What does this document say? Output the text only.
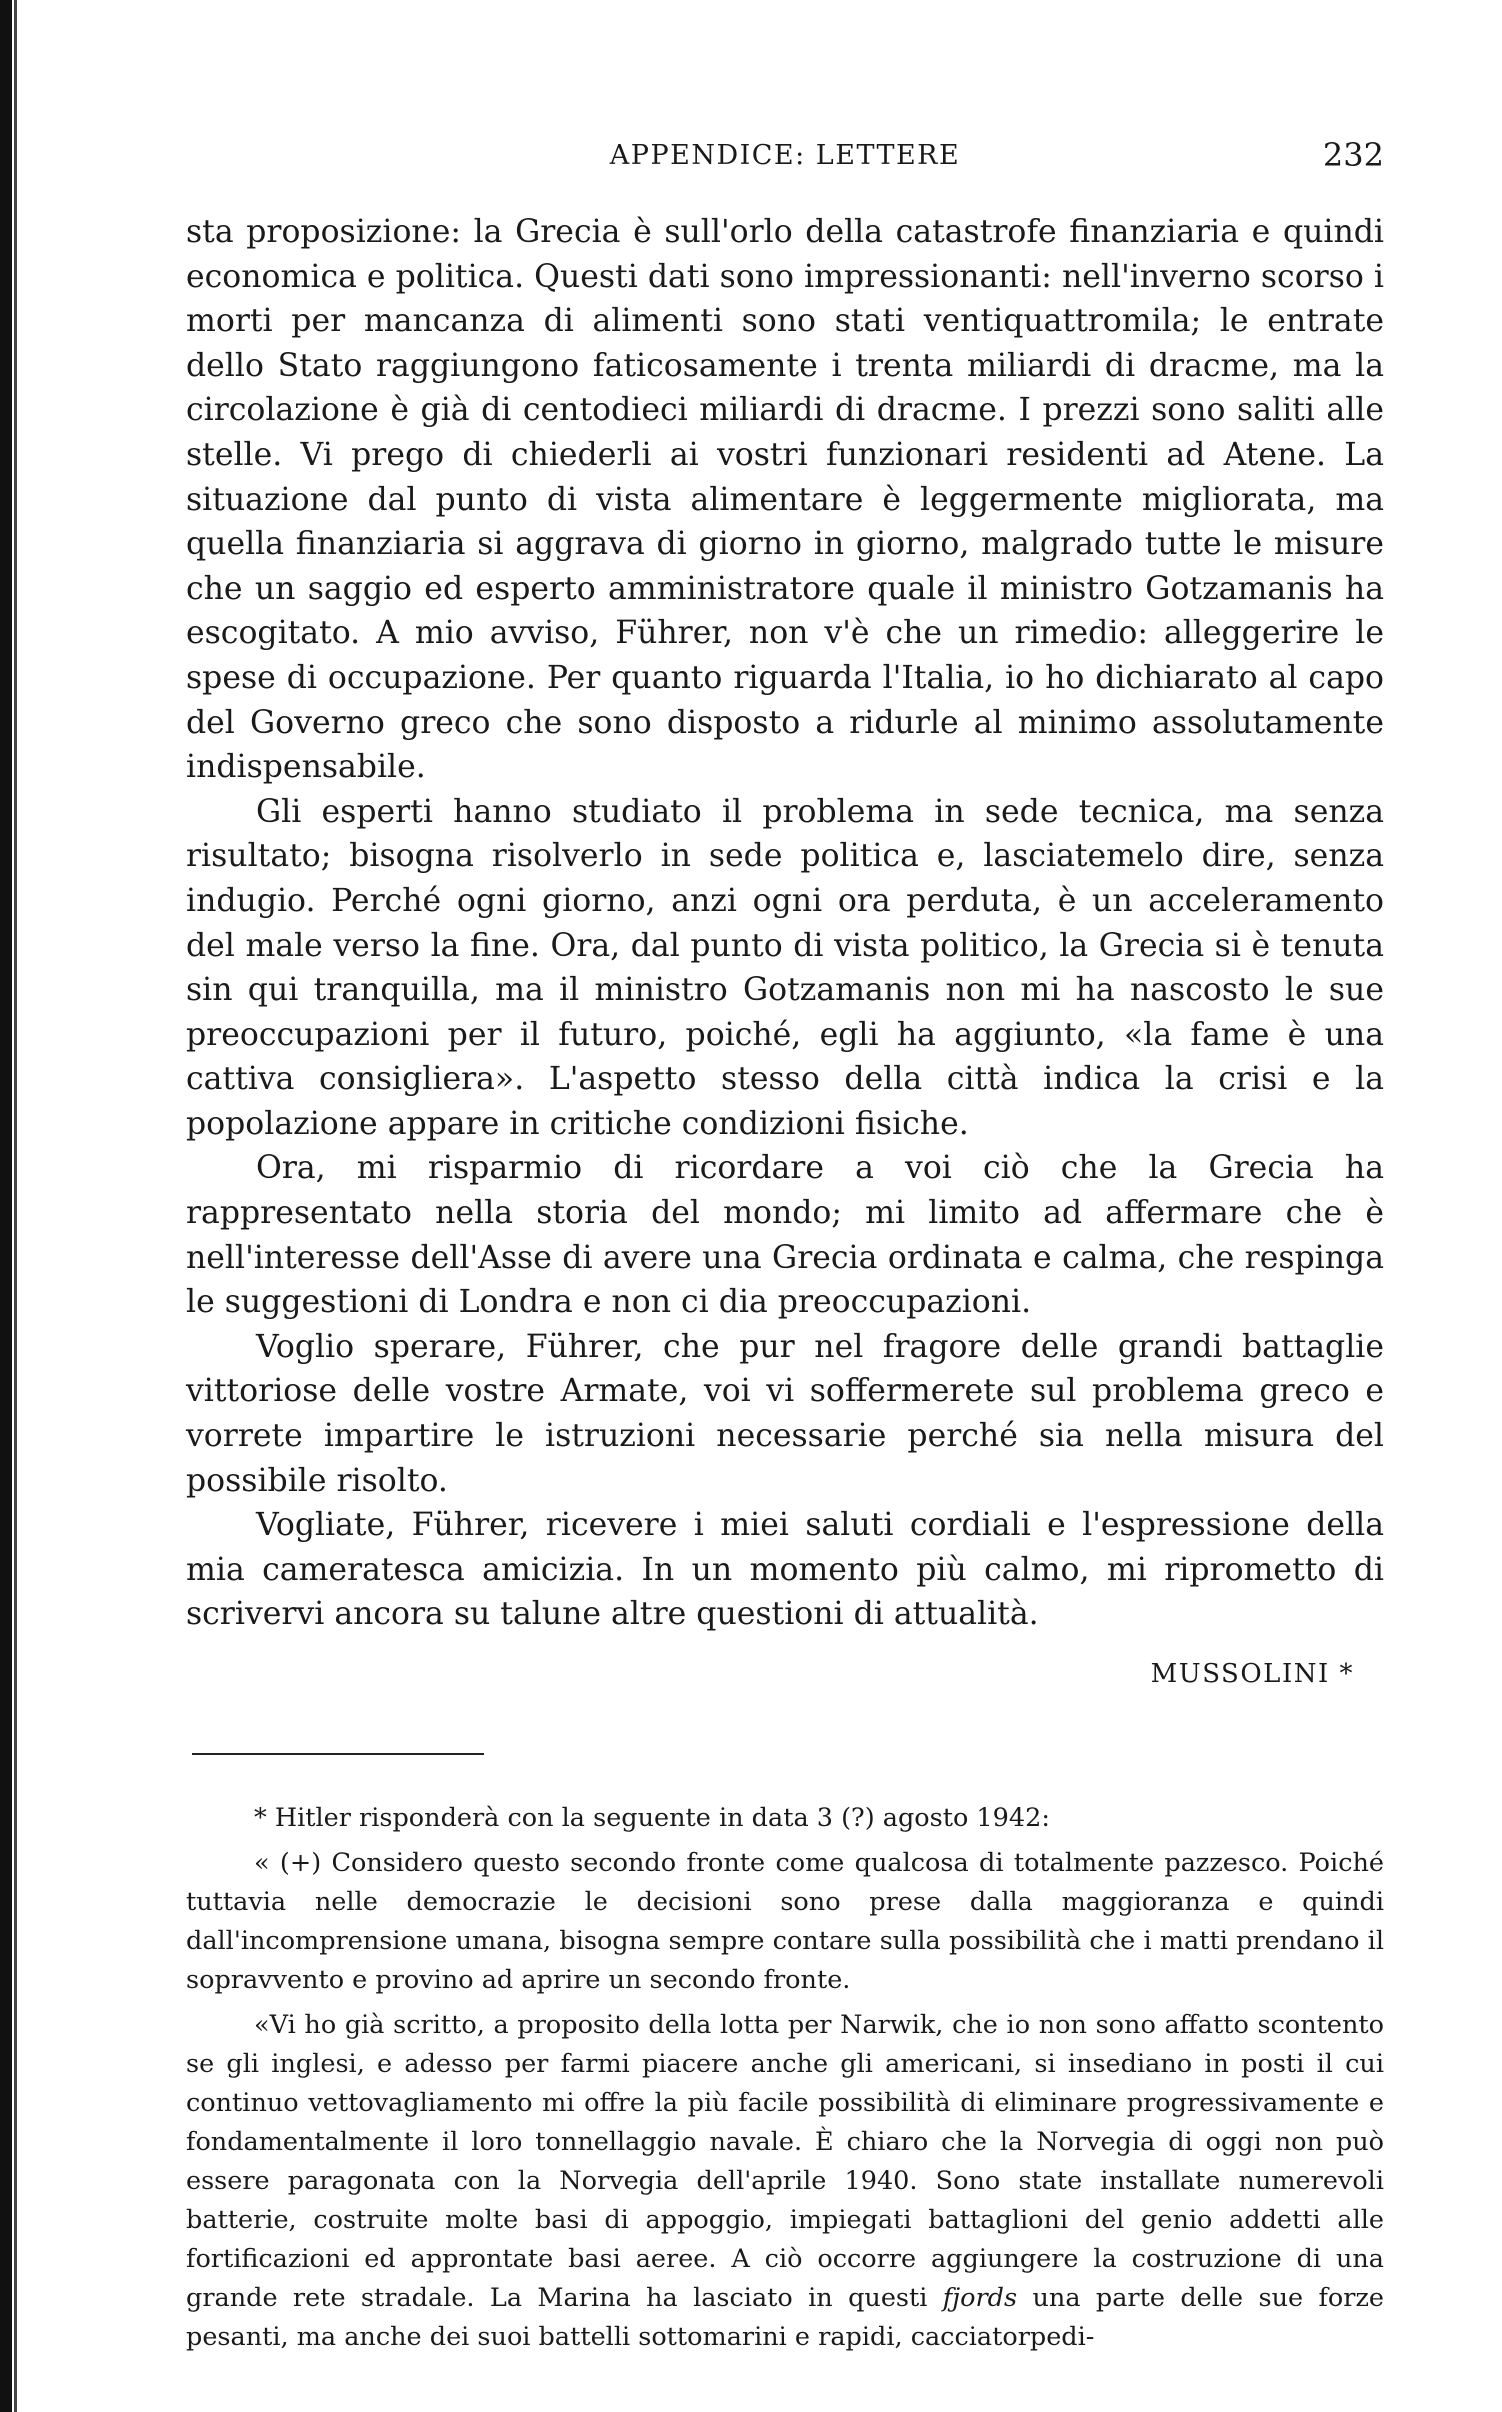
APPENDICE: LETTERE	232

sta proposizione: la Grecia è sull'orlo della catastrofe finanziaria e quindi economica e politica. Questi dati sono impressionanti: nell'inverno scorso i morti per mancanza di alimenti sono stati ventiquattromila; le entrate dello Stato raggiungono faticosamente i trenta miliardi di dracme, ma la circolazione è già di centodieci miliardi di dracme. I prezzi sono saliti alle stelle. Vi prego di chiederli ai vostri funzionari residenti ad Atene. La situazione dal punto di vista alimentare è leggermente migliorata, ma quella finanziaria si aggrava di giorno in giorno, malgrado tutte le misure che un saggio ed esperto amministratore quale il ministro Gotzamanis ha escogitato. A mio avviso, Führer, non v'è che un rimedio: alleggerire le spese di occupazione. Per quanto riguarda l'Italia, io ho dichiarato al capo del Governo greco che sono disposto a ridurle al minimo assolutamente indispensabile.

Gli esperti hanno studiato il problema in sede tecnica, ma senza risultato; bisogna risolverlo in sede politica e, lasciatemelo dire, senza indugio. Perché ogni giorno, anzi ogni ora perduta, è un acceleramento del male verso la fine. Ora, dal punto di vista politico, la Grecia si è tenuta sin qui tranquilla, ma il ministro Gotzamanis non mi ha nascosto le sue preoccupazioni per il futuro, poiché, egli ha aggiunto, «la fame è una cattiva consigliera». L'aspetto stesso della città indica la crisi e la popolazione appare in critiche condizioni fisiche.

Ora, mi risparmio di ricordare a voi ciò che la Grecia ha rappresentato nella storia del mondo; mi limito ad affermare che è nell'interesse dell'Asse di avere una Grecia ordinata e calma, che respinga le suggestioni di Londra e non ci dia preoccupazioni.

Voglio sperare, Führer, che pur nel fragore delle grandi battaglie vittoriose delle vostre Armate, voi vi soffermerete sul problema greco e vorrete impartire le istruzioni necessarie perché sia nella misura del possibile risolto.

Vogliate, Führer, ricevere i miei saluti cordiali e l'espressione della mia cameratesca amicizia. In un momento più calmo, mi riprometto di scrivervi ancora su talune altre questioni di attualità.

MUSSOLINI *

* Hitler risponderà con la seguente in data 3 (?) agosto 1942:

« (+) Considero questo secondo fronte come qualcosa di totalmente pazzesco. Poiché tuttavia nelle democrazie le decisioni sono prese dalla maggioranza e quindi dall'incomprensione umana, bisogna sempre contare sulla possibilità che i matti prendano il sopravvento e provino ad aprire un secondo fronte.

«Vi ho già scritto, a proposito della lotta per Narwik, che io non sono affatto scontento se gli inglesi, e adesso per farmi piacere anche gli americani, si insediano in posti il cui continuo vettovagliamento mi offre la più facile possibilità di eliminare progressivamente e fondamentalmente il loro tonnellaggio navale. È chiaro che la Norvegia di oggi non può essere paragonata con la Norvegia dell'aprile 1940. Sono state installate numerevoli batterie, costruite molte basi di appoggio, impiegati battaglioni del genio addetti alle fortificazioni ed approntate basi aeree. A ciò occorre aggiungere la costruzione di una grande rete stradale. La Marina ha lasciato in questi fjords una parte delle sue forze pesanti, ma anche dei suoi battelli sottomarini e rapidi, cacciatorpedi-
